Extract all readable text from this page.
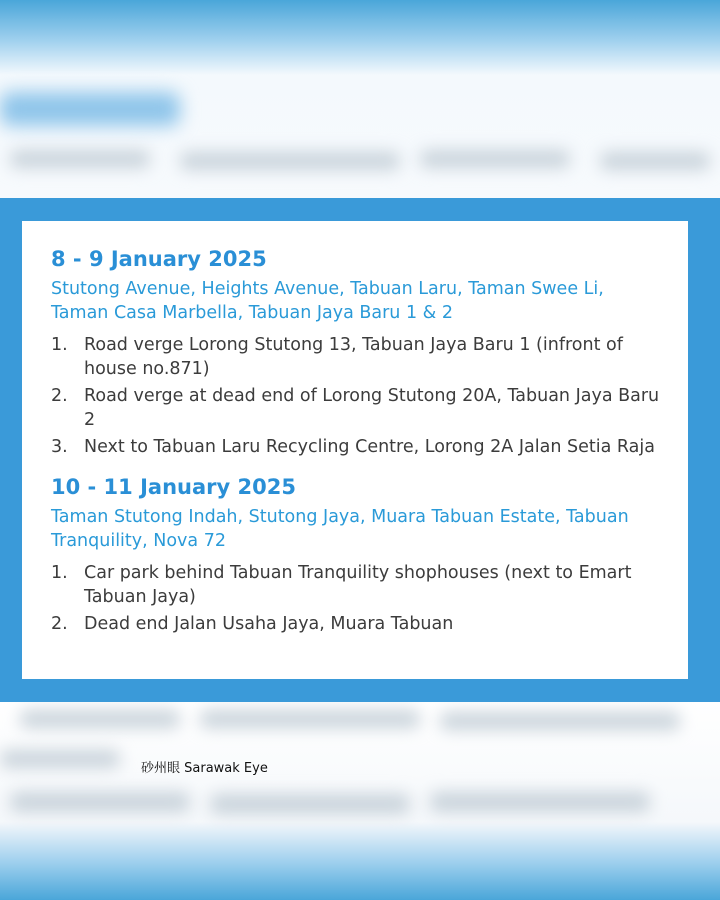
8 - 9 January 2025
Stutong Avenue, Heights Avenue, Tabuan Laru, Taman Swee Li, Taman Casa Marbella, Tabuan Jaya Baru 1 & 2
1. Road verge Lorong Stutong 13, Tabuan Jaya Baru 1 (infront of house no.871)
2. Road verge at dead end of Lorong Stutong 20A, Tabuan Jaya Baru 2
3. Next to Tabuan Laru Recycling Centre, Lorong 2A Jalan Setia Raja
10 - 11 January 2025
Taman Stutong Indah, Stutong Jaya, Muara Tabuan Estate, Tabuan Tranquility, Nova 72
1. Car park behind Tabuan Tranquility shophouses (next to Emart Tabuan Jaya)
2. Dead end Jalan Usaha Jaya, Muara Tabuan
砂州眼 Sarawak Eye
